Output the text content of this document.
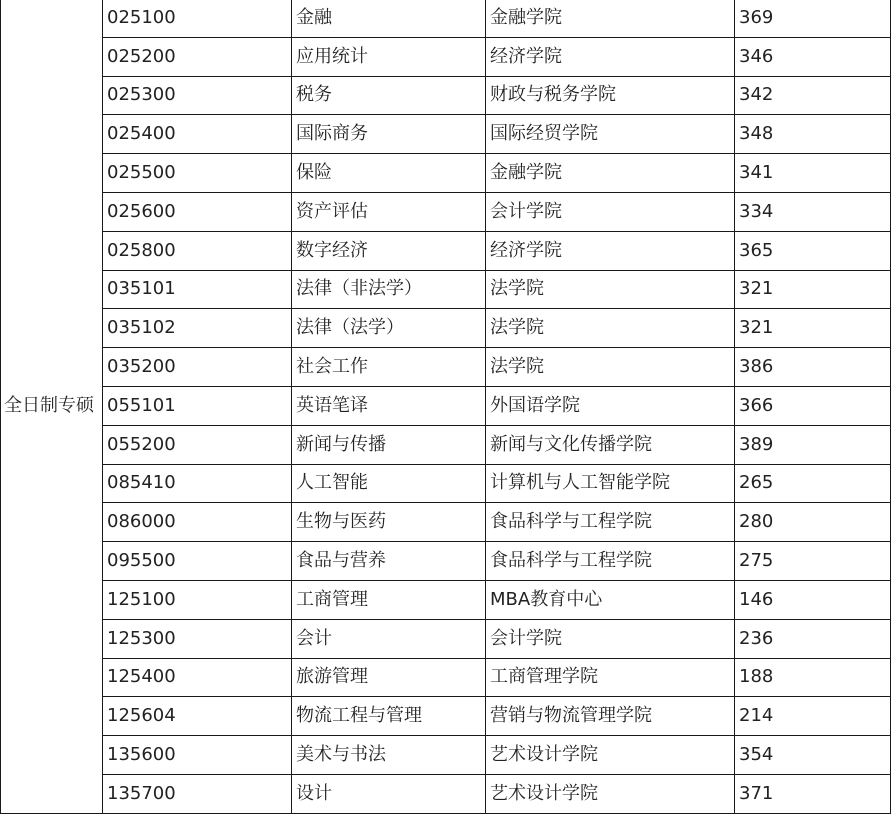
全日制专硕	025100	金融	金融学院	369
	025200	应用统计	经济学院	346
	025300	税务	财政与税务学院	342
	025400	国际商务	国际经贸学院	348
	025500	保险	金融学院	341
	025600	资产评估	会计学院	334
	025800	数字经济	经济学院	365
	035101	法律（非法学）	法学院	321
	035102	法律（法学）	法学院	321
	035200	社会工作	法学院	386
	055101	英语笔译	外国语学院	366
	055200	新闻与传播	新闻与文化传播学院	389
	085410	人工智能	计算机与人工智能学院	265
	086000	生物与医药	食品科学与工程学院	280
	095500	食品与营养	食品科学与工程学院	275
	125100	工商管理	MBA教育中心	146
	125300	会计	会计学院	236
	125400	旅游管理	工商管理学院	188
	125604	物流工程与管理	营销与物流管理学院	214
	135600	美术与书法	艺术设计学院	354
	135700	设计	艺术设计学院	371
